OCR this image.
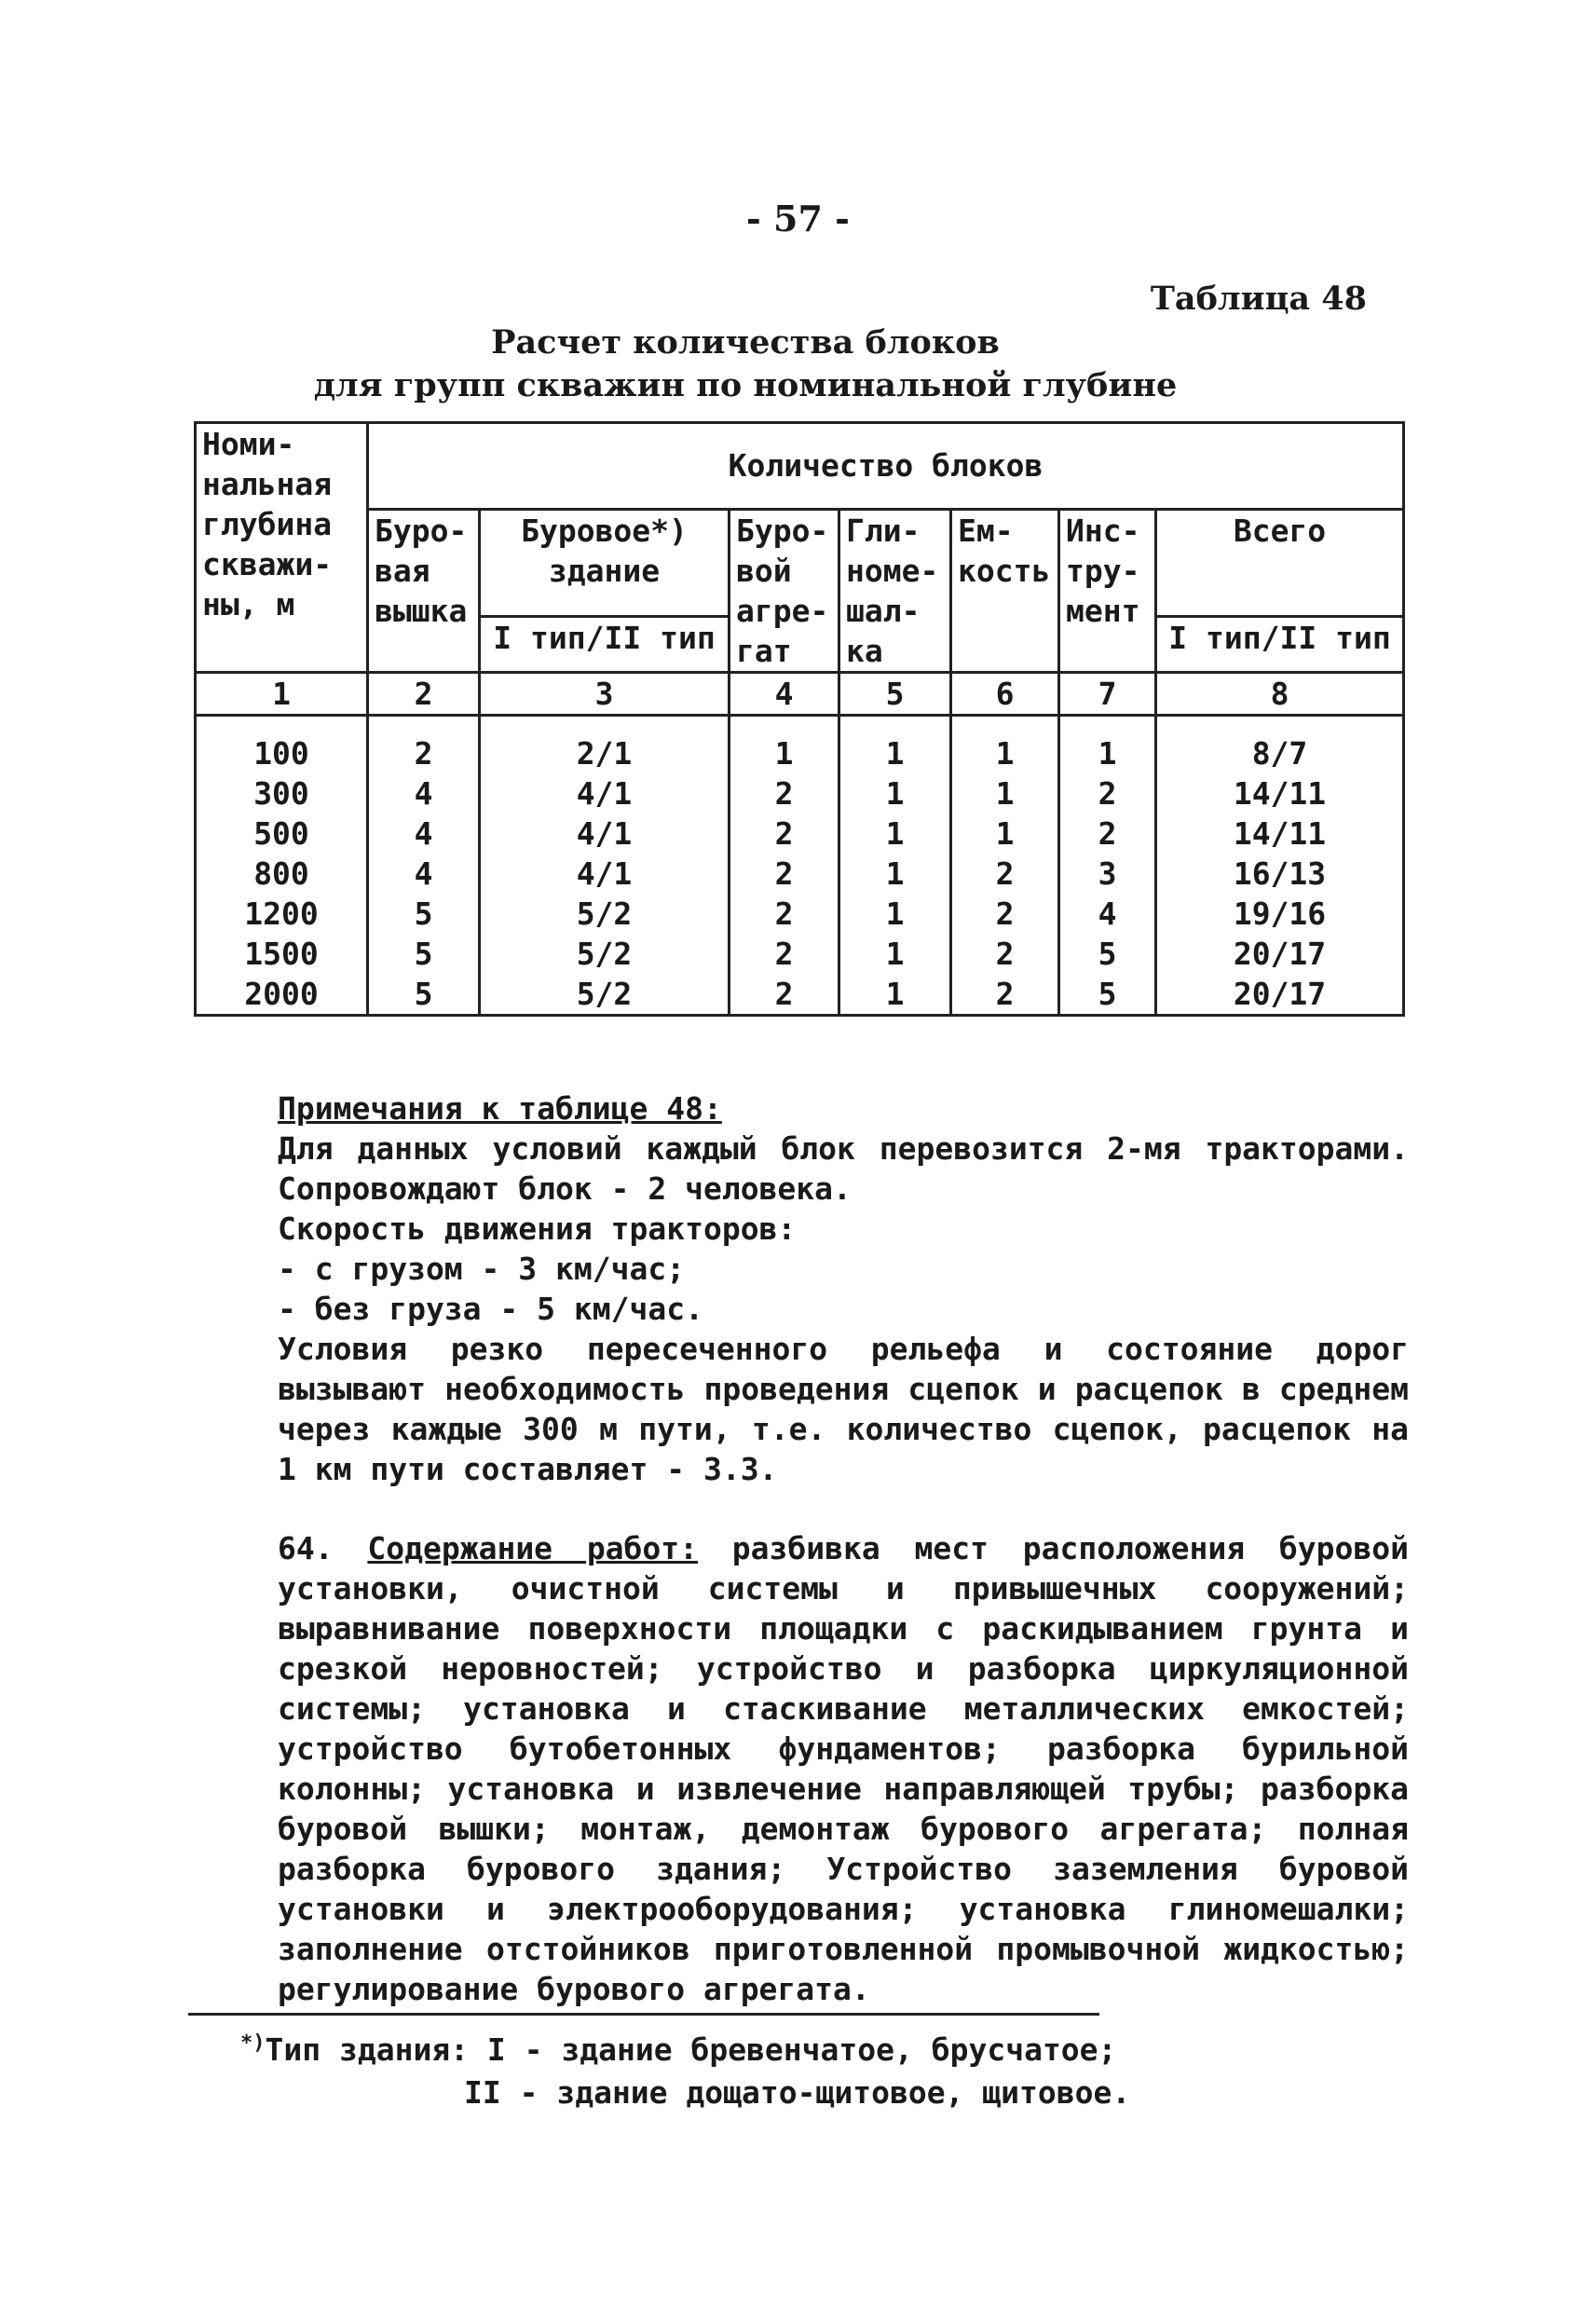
- 57 -
Таблица 48
Расчет количества блоков
для групп скважин по номинальной глубине
Номи-
нальная
глубина
скважи-
ны, м	Количество блоков						
	Буро-
вая
вышка	Буровое*)
здание	Буро-
вой
агре-
гат	Гли-
номе-
шал-
ка	Ем-
кость	Инс-
тру-
мент	Всего
		I тип/II тип					I тип/II тип
1	2	3	4	5	6	7	8

100	2	2/1	1	1	1	1	8/7
300	4	4/1	2	1	1	2	14/11
500	4	4/1	2	1	1	2	14/11
800	4	4/1	2	1	2	3	16/13
1200	5	5/2	2	1	2	4	19/16
1500	5	5/2	2	1	2	5	20/17
2000	5	5/2	2	1	2	5	20/17
Примечания к таблице 48:
Для данных условий каждый блок перевозится 2-мя тракторами. Сопровождают блок - 2 человека.
Скорость движения тракторов:
- с грузом - 3 км/час;
- без груза - 5 км/час.
Условия резко пересеченного рельефа и состояние дорог вызывают необходимость проведения сцепок и расцепок в среднем через каждые 300 м пути, т.е. количество сцепок, расцепок на 1 км пути составляет - 3.3.
64. Содержание работ: разбивка мест расположения буровой установки, очистной системы и привышечных сооружений; выравнивание поверхности площадки с раскидыванием грунта и срезкой неровностей; устройство и разборка циркуляционной системы; установка и стаскивание металлических емкостей; устройство бутобетонных фундаментов; разборка бурильной колонны; установка и извлечение направляющей трубы; разборка буровой вышки; монтаж, демонтаж бурового агрегата; полная разборка бурового здания; Устройство заземления буровой установки и электрооборудования; установка глиномешалки; заполнение отстойников приготовленной промывочной жидкостью; регулирование бурового агрегата.
*)Тип здания: I - здание бревенчатое, брусчатое;
II - здание дощато-щитовое, щитовое.
